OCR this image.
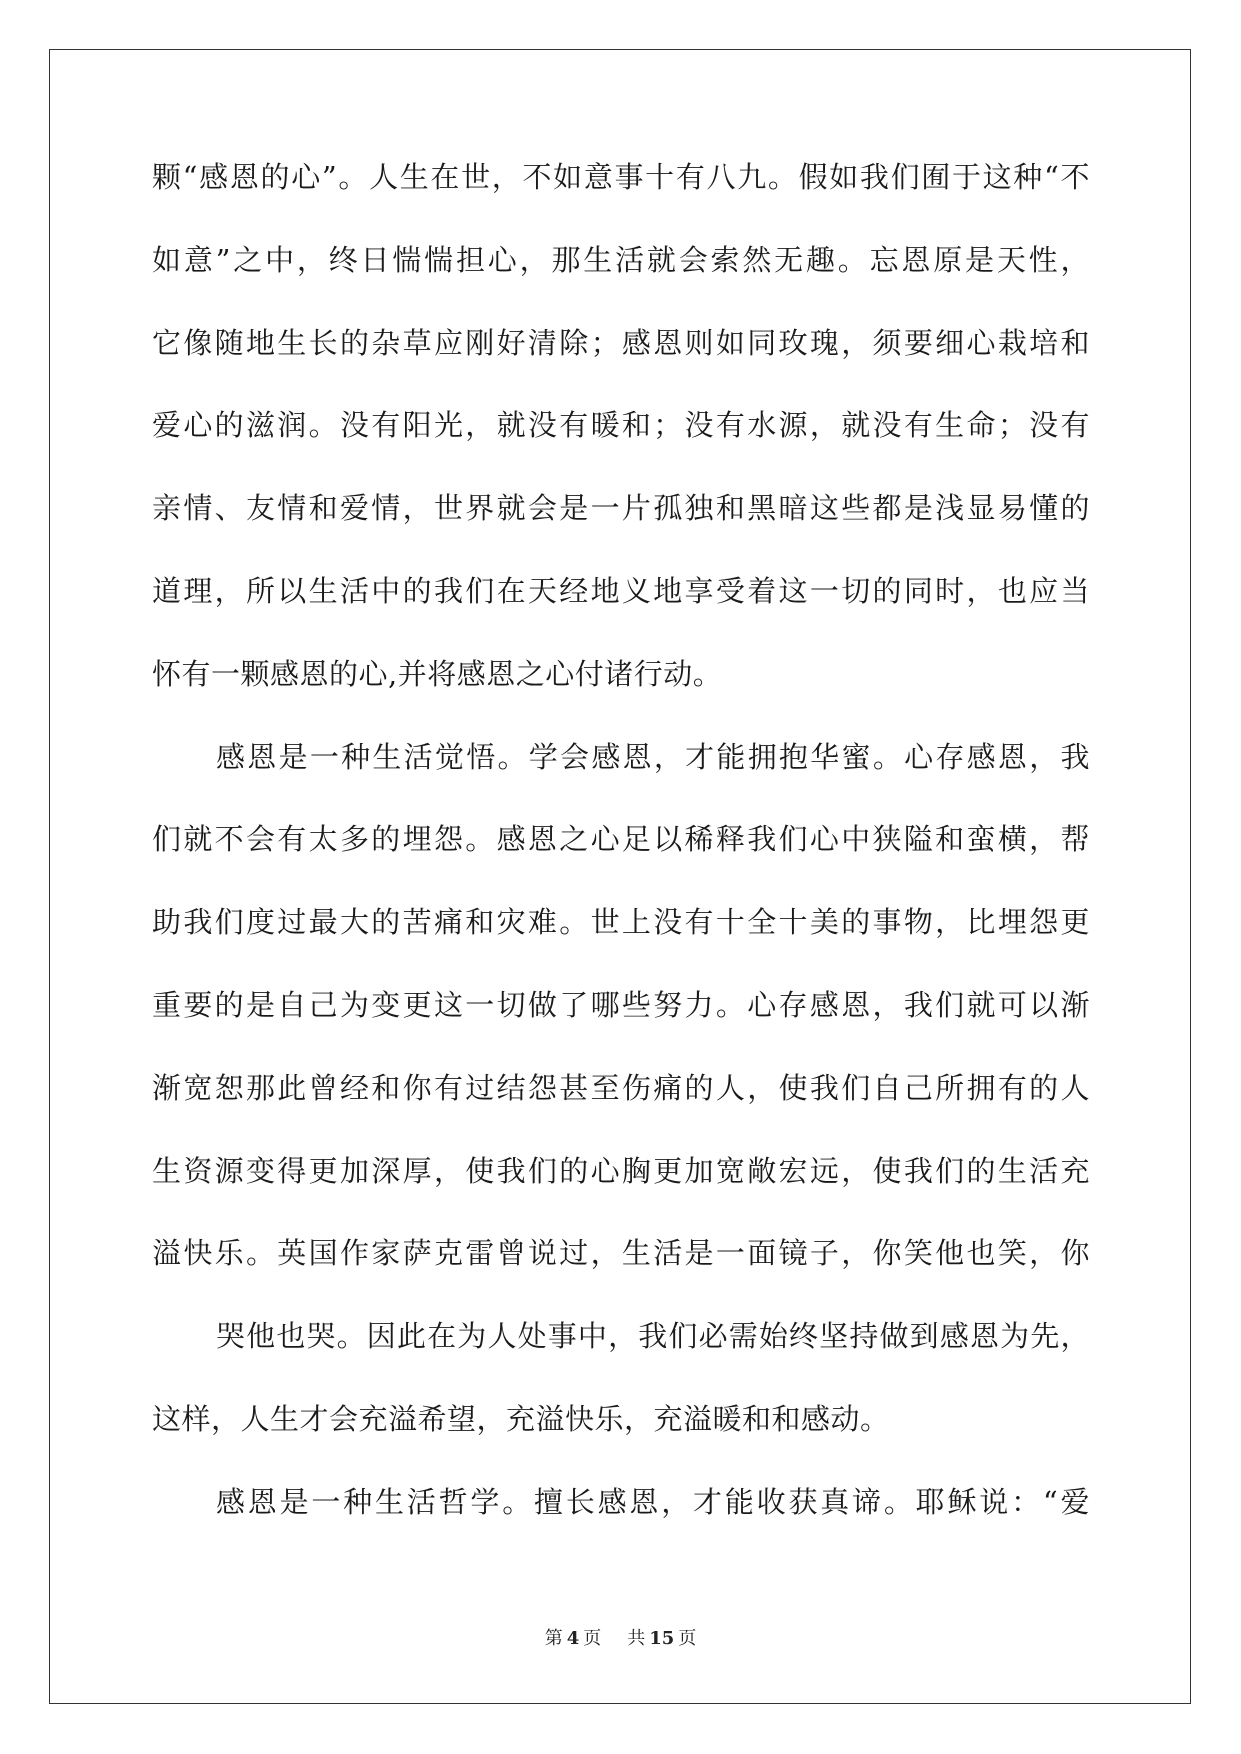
颗“感恩的心”。人生在世，不如意事十有八九。假如我们囿于这种“不
如意”之中，终日惴惴担心，那生活就会索然无趣。忘恩原是天性，
它像随地生长的杂草应刚好清除；感恩则如同玫瑰，须要细心栽培和
爱心的滋润。没有阳光，就没有暖和；没有水源，就没有生命；没有
亲情、友情和爱情，世界就会是一片孤独和黑暗这些都是浅显易懂的
道理，所以生活中的我们在天经地义地享受着这一切的同时，也应当
怀有一颗感恩的心,并将感恩之心付诸行动。
感恩是一种生活觉悟。学会感恩，才能拥抱华蜜。心存感恩，我
们就不会有太多的埋怨。感恩之心足以稀释我们心中狭隘和蛮横，帮
助我们度过最大的苦痛和灾难。世上没有十全十美的事物，比埋怨更
重要的是自己为变更这一切做了哪些努力。心存感恩，我们就可以渐
渐宽恕那此曾经和你有过结怨甚至伤痛的人，使我们自己所拥有的人
生资源变得更加深厚，使我们的心胸更加宽敞宏远，使我们的生活充
溢快乐。英国作家萨克雷曾说过，生活是一面镜子，你笑他也笑，你
哭他也哭。因此在为人处事中，我们必需始终坚持做到感恩为先，
这样，人生才会充溢希望，充溢快乐，充溢暖和和感动。
感恩是一种生活哲学。擅长感恩，才能收获真谛。耶稣说：“爱
第 4 页 共 15 页
